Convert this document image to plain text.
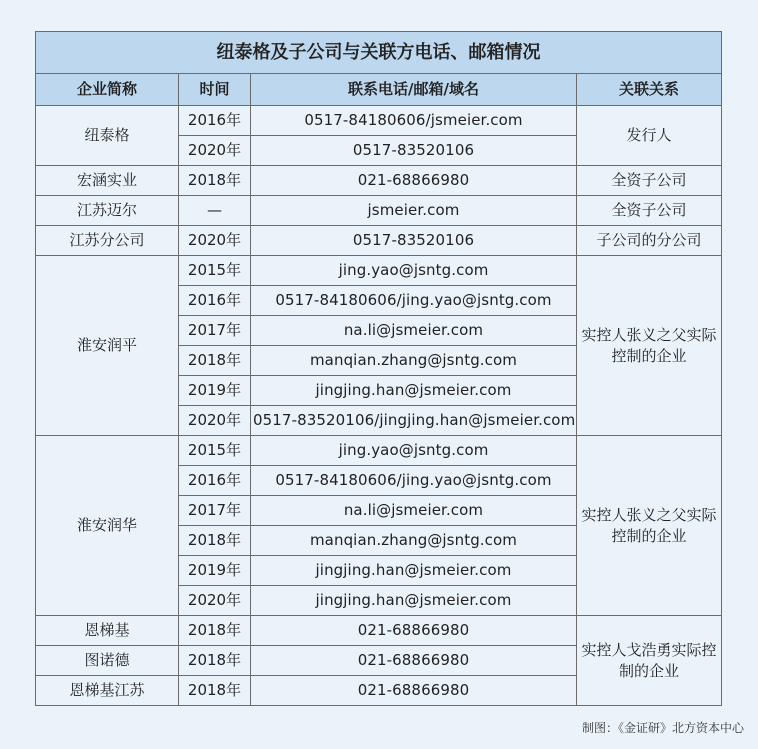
纽泰格及子公司与关联方电话、邮箱情况			
企业简称	时间	联系电话/邮箱/域名	关联关系
纽泰格	2016年	0517-84180606/jsmeier.com	发行人
	2020年	0517-83520106	
宏涵实业	2018年	021-68866980	全资子公司
江苏迈尔	—	jsmeier.com	全资子公司
江苏分公司	2020年	0517-83520106	子公司的分公司
淮安润平	2015年	jing.yao@jsntg.com	实控人张义之父实际控制的企业
	2016年	0517-84180606/jing.yao@jsntg.com	
	2017年	na.li@jsmeier.com	
	2018年	manqian.zhang@jsntg.com	
	2019年	jingjing.han@jsmeier.com	
	2020年	0517-83520106/jingjing.han@jsmeier.com	
淮安润华	2015年	jing.yao@jsntg.com	实控人张义之父实际控制的企业
	2016年	0517-84180606/jing.yao@jsntg.com	
	2017年	na.li@jsmeier.com	
	2018年	manqian.zhang@jsntg.com	
	2019年	jingjing.han@jsmeier.com	
	2020年	jingjing.han@jsmeier.com	
恩梯基	2018年	021-68866980	实控人戈浩勇实际控制的企业
图诺德	2018年	021-68866980	
恩梯基江苏	2018年	021-68866980	
制图：《金证研》北方资本中心
